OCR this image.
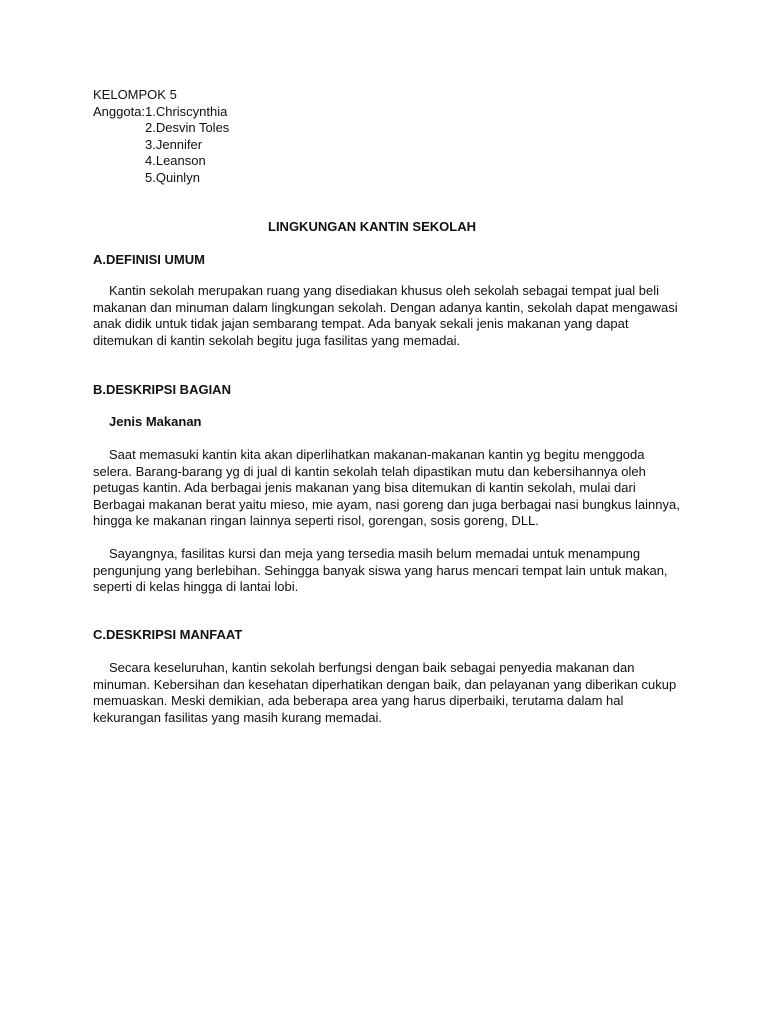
KELOMPOK 5
Anggota: 1.Chriscynthia
2.Desvin Toles
3.Jennifer
4.Leanson
5.Quinlyn
LINGKUNGAN KANTIN SEKOLAH
A.DEFINISI UMUM
Kantin sekolah merupakan ruang yang disediakan khusus oleh sekolah sebagai tempat jual beli makanan dan minuman dalam lingkungan sekolah. Dengan adanya kantin, sekolah dapat mengawasi anak didik untuk tidak jajan sembarang tempat. Ada banyak sekali jenis makanan yang dapat ditemukan di kantin sekolah begitu juga fasilitas yang memadai.
B.DESKRIPSI BAGIAN
Jenis Makanan
Saat memasuki kantin kita akan diperlihatkan makanan-makanan kantin yg begitu menggoda selera. Barang-barang yg di jual di kantin sekolah telah dipastikan mutu dan kebersihannya oleh petugas kantin. Ada berbagai jenis makanan yang bisa ditemukan di kantin sekolah, mulai dari Berbagai makanan berat yaitu mieso, mie ayam, nasi goreng dan juga berbagai nasi bungkus lainnya, hingga ke makanan ringan lainnya seperti risol, gorengan, sosis goreng, DLL.
Sayangnya, fasilitas kursi dan meja yang tersedia masih belum memadai untuk menampung pengunjung yang berlebihan. Sehingga banyak siswa yang harus mencari tempat lain untuk makan, seperti di kelas hingga di lantai lobi.
C.DESKRIPSI MANFAAT
Secara keseluruhan, kantin sekolah berfungsi dengan baik sebagai penyedia makanan dan minuman. Kebersihan dan kesehatan diperhatikan dengan baik, dan pelayanan yang diberikan cukup memuaskan. Meski demikian, ada beberapa area yang harus diperbaiki, terutama dalam hal kekurangan fasilitas yang masih kurang memadai.
